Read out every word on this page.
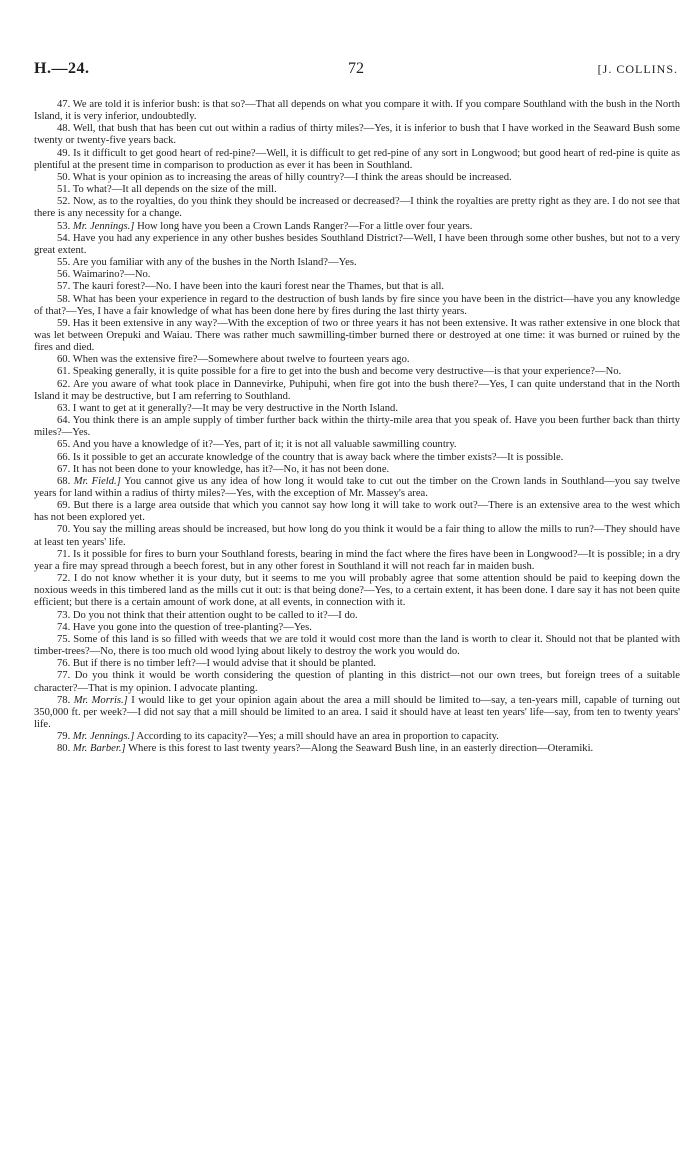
H.—24.	72	[J. COLLINS.

47. We are told it is inferior bush: is that so?—That all depends on what you compare it with. If you compare Southland with the bush in the North Island, it is very inferior, undoubtedly.

48. Well, that bush that has been cut out within a radius of thirty miles?—Yes, it is inferior to bush that I have worked in the Seaward Bush some twenty or twenty-five years back.

49. Is it difficult to get good heart of red-pine?—Well, it is difficult to get red-pine of any sort in Longwood; but good heart of red-pine is quite as plentiful at the present time in comparison to production as ever it has been in Southland.

50. What is your opinion as to increasing the areas of hilly country?—I think the areas should be increased.

51. To what?—It all depends on the size of the mill.

52. Now, as to the royalties, do you think they should be increased or decreased?—I think the royalties are pretty right as they are. I do not see that there is any necessity for a change.

53. Mr. Jennings.] How long have you been a Crown Lands Ranger?—For a little over four years.

54. Have you had any experience in any other bushes besides Southland District?—Well, I have been through some other bushes, but not to a very great extent.

55. Are you familiar with any of the bushes in the North Island?—Yes.

56. Waimarino?—No.

57. The kauri forest?—No. I have been into the kauri forest near the Thames, but that is all.

58. What has been your experience in regard to the destruction of bush lands by fire since you have been in the district—have you any knowledge of that?—Yes, I have a fair knowledge of what has been done here by fires during the last thirty years.

59. Has it been extensive in any way?—With the exception of two or three years it has not been extensive. It was rather extensive in one block that was let between Orepuki and Waiau. There was rather much sawmilling-timber burned there or destroyed at one time: it was burned or ruined by the fires and died.

60. When was the extensive fire?—Somewhere about twelve to fourteen years ago.

61. Speaking generally, it is quite possible for a fire to get into the bush and become very destructive—is that your experience?—No.

62. Are you aware of what took place in Dannevirke, Puhipuhi, when fire got into the bush there?—Yes, I can quite understand that in the North Island it may be destructive, but I am referring to Southland.

63. I want to get at it generally?—It may be very destructive in the North Island.

64. You think there is an ample supply of timber further back within the thirty-mile area that you speak of. Have you been further back than thirty miles?—Yes.

65. And you have a knowledge of it?—Yes, part of it; it is not all valuable sawmilling country.

66. Is it possible to get an accurate knowledge of the country that is away back where the timber exists?—It is possible.

67. It has not been done to your knowledge, has it?—No, it has not been done.

68. Mr. Field.] You cannot give us any idea of how long it would take to cut out the timber on the Crown lands in Southland—you say twelve years for land within a radius of thirty miles?—Yes, with the exception of Mr. Massey's area.

69. But there is a large area outside that which you cannot say how long it will take to work out?—There is an extensive area to the west which has not been explored yet.

70. You say the milling areas should be increased, but how long do you think it would be a fair thing to allow the mills to run?—They should have at least ten years' life.

71. Is it possible for fires to burn your Southland forests, bearing in mind the fact where the fires have been in Longwood?—It is possible; in a dry year a fire may spread through a beech forest, but in any other forest in Southland it will not reach far in maiden bush.

72. I do not know whether it is your duty, but it seems to me you will probably agree that some attention should be paid to keeping down the noxious weeds in this timbered land as the mills cut it out: is that being done?—Yes, to a certain extent, it has been done. I dare say it has not been quite efficient; but there is a certain amount of work done, at all events, in connection with it.

73. Do you not think that their attention ought to be called to it?—I do.

74. Have you gone into the question of tree-planting?—Yes.

75. Some of this land is so filled with weeds that we are told it would cost more than the land is worth to clear it. Should not that be planted with timber-trees?—No, there is too much old wood lying about likely to destroy the work you would do.

76. But if there is no timber left?—I would advise that it should be planted.

77. Do you think it would be worth considering the question of planting in this district—not our own trees, but foreign trees of a suitable character?—That is my opinion. I advocate planting.

78. Mr. Morris.] I would like to get your opinion again about the area a mill should be limited to—say, a ten-years mill, capable of turning out 350,000 ft. per week?—I did not say that a mill should be limited to an area. I said it should have at least ten years' life—say, from ten to twenty years' life.

79. Mr. Jennings.] According to its capacity?—Yes; a mill should have an area in proportion to capacity.

80. Mr. Barber.] Where is this forest to last twenty years?—Along the Seaward Bush line, in an easterly direction—Oteramiki.
